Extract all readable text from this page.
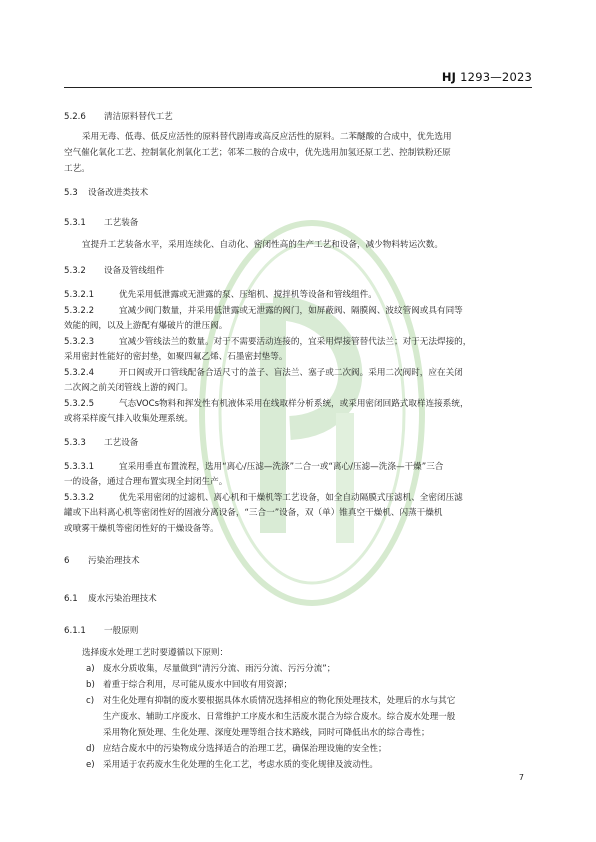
HJ 1293—2023
5.2.6 清洁原料替代工艺
采用无毒、低毒、低反应活性的原料替代剧毒或高反应活性的原料。二苯醚酸的合成中，优先选用
空气催化氧化工艺、控制氧化剂氧化工艺；邻苯二胺的合成中，优先选用加氢还原工艺、控制铁粉还原
工艺。
5.3 设备改进类技术
5.3.1 工艺装备
宜提升工艺装备水平，采用连续化、自动化、密闭性高的生产工艺和设备，减少物料转运次数。
5.3.2 设备及管线组件
5.3.2.1	优先采用低泄露或无泄露的泵、压缩机、搅拌机等设备和管线组件。
5.3.2.2	宜减少阀门数量，并采用低泄露或无泄露的阀门，如屏蔽阀、隔膜阀、波纹管阀或具有同等
效能的阀，以及上游配有爆破片的泄压阀。
5.3.2.3	宜减少管线法兰的数量。对于不需要活动连接的，宜采用焊接管替代法兰；对于无法焊接的，
采用密封性能好的密封垫，如聚四氟乙烯、石墨密封垫等。
5.3.2.4	开口阀或开口管线配备合适尺寸的盖子、盲法兰、塞子或二次阀。采用二次阀时，应在关闭
二次阀之前关闭管线上游的阀门。
5.3.2.5	气态VOCs物料和挥发性有机液体采用在线取样分析系统，或采用密闭回路式取样连接系统，
或将采样废气排入收集处理系统。
5.3.3 工艺设备
5.3.3.1	宜采用垂直布置流程，选用“离心/压滤—洗涤”二合一或“离心/压滤—洗涤—干燥”三合
一的设备，通过合理布置实现全封闭生产。
5.3.3.2	优先采用密闭的过滤机、离心机和干燥机等工艺设备，如全自动隔膜式压滤机、全密闭压滤
罐或下出料离心机等密闭性好的固液分离设备，“三合一”设备，双（单）锥真空干燥机、闪蒸干燥机
或喷雾干燥机等密闭性好的干燥设备等。
6 污染治理技术
6.1 废水污染治理技术
6.1.1 一般原则
选择废水处理工艺时要遵循以下原则：
a) 废水分质收集，尽量做到“清污分流、雨污分流、污污分流”；
b) 着重于综合利用，尽可能从废水中回收有用资源；
c) 对生化处理有抑制的废水要根据具体水质情况选择相应的物化预处理技术，处理后的水与其它
生产废水、辅助工序废水、日常维护工序废水和生活废水混合为综合废水。综合废水处理一般
采用物化预处理、生化处理、深度处理等组合技术路线，同时可降低出水的综合毒性；
d) 应结合废水中的污染物成分选择适合的治理工艺，确保治理设施的安全性；
e) 采用适于农药废水生化处理的生化工艺，考虑水质的变化规律及波动性。
7
